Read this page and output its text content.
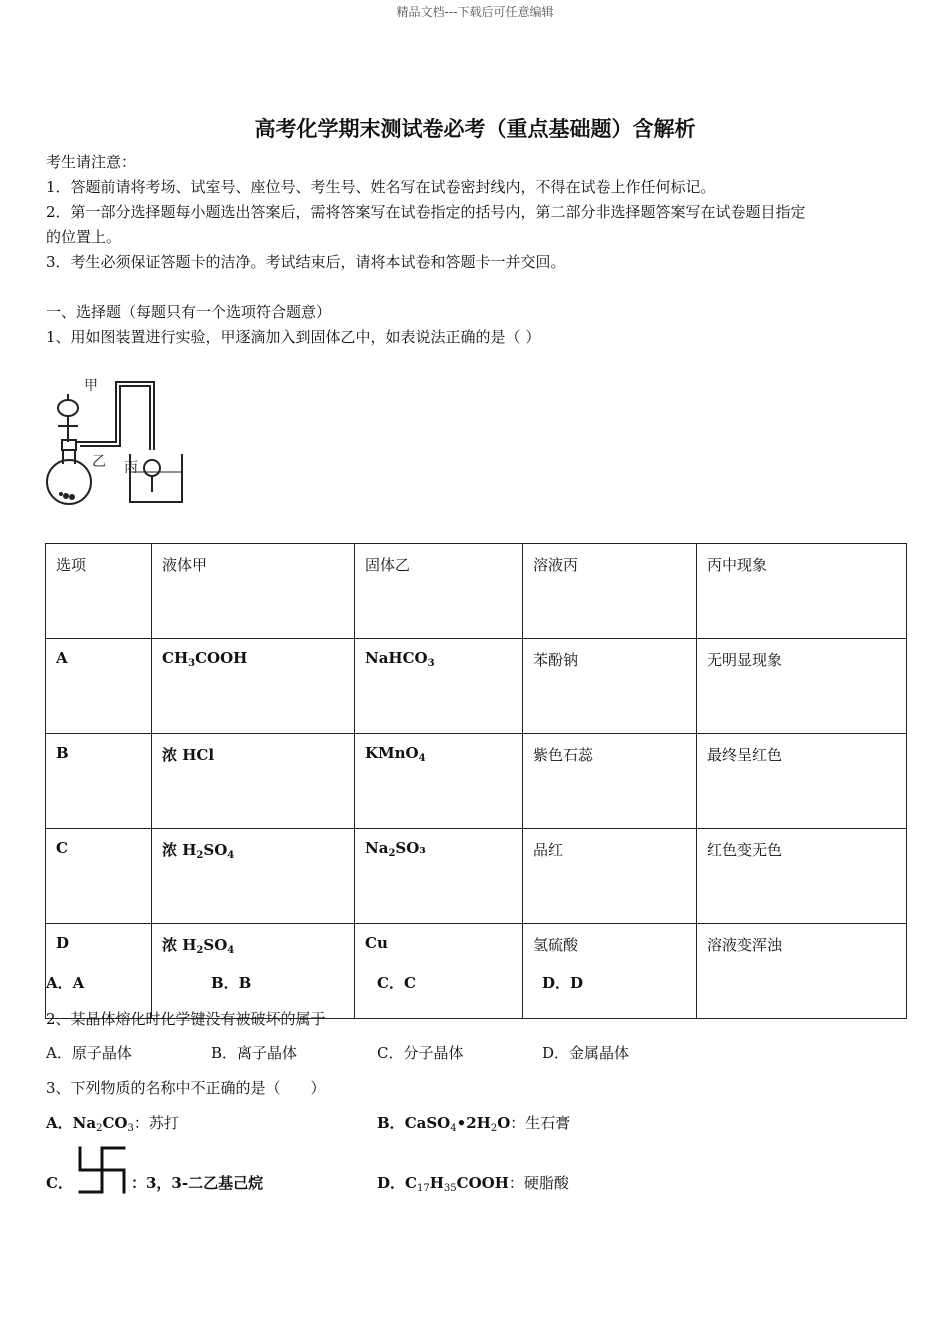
精品文档---下载后可任意编辑
高考化学期末测试卷必考（重点基础题）含解析
考生请注意：
1．答题前请将考场、试室号、座位号、考生号、姓名写在试卷密封线内，不得在试卷上作任何标记。
2．第一部分选择题每小题选出答案后，需将答案写在试卷指定的括号内，第二部分非选择题答案写在试卷题目指定
的位置上。
3．考生必须保证答题卡的洁净。考试结束后，请将本试卷和答题卡一并交回。
一、选择题（每题只有一个选项符合题意）
1、用如图装置进行实验，甲逐滴加入到固体乙中，如表说法正确的是（ ）
甲
乙 丙
选项	液体甲	固体乙	溶液丙	丙中现象
A	$CH_3COOH$	NaHCO$_3$	苯酚钠	无明显现象
B	浓 HCl	KMnO$_4$	紫色石蕊	最终呈红色
C	浓 $H_2SO_4$	$Na_2SO_3$	品红	红色变无色
D	浓 $H_2SO_4$	Cu	氢硫酸	溶液变浑浊
A．A	B．B	C．C	D．D
2、某晶体熔化时化学键没有被破坏的属于
A．原子晶体	B．离子晶体	C．分子晶体	D．金属晶体
3、下列物质的名称中不正确的是（　　）
A．$Na_2CO_3$：苏打	B．$CaSO_4•2H_2O$：生石膏
C．	：3，3-二乙基己烷	D．$C_{17}H_{35}COOH$：硬脂酸
